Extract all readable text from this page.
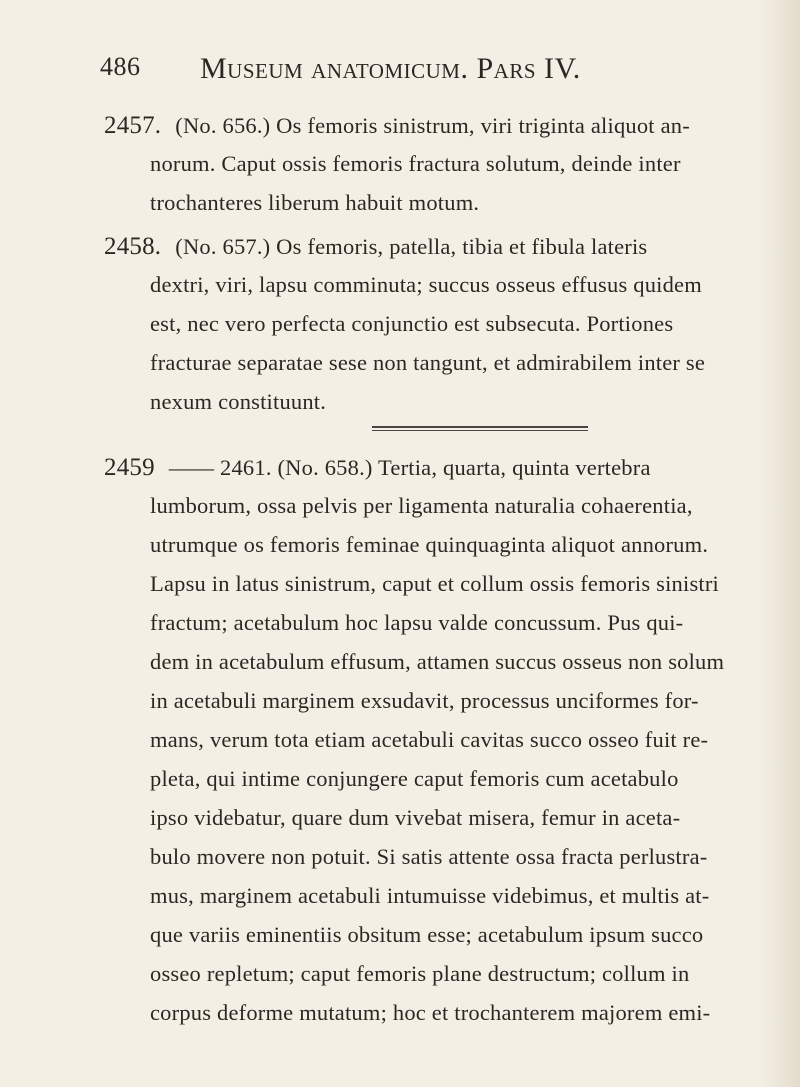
486 Museum anatomicum. Pars IV.
2457. (No. 656.) Os femoris sinistrum, viri triginta aliquot an-
norum. Caput ossis femoris fractura solutum, deinde inter
trochanteres liberum habuit motum.
2458. (No. 657.) Os femoris, patella, tibia et fibula lateris
dextri, viri, lapsu comminuta; succus osseus effusus quidem
est, nec vero perfecta conjunctio est subsecuta. Portiones
fracturae separatae sese non tangunt, et admirabilem inter se
nexum constituunt.
2459 —— 2461. (No. 658.) Tertia, quarta, quinta vertebra
lumborum, ossa pelvis per ligamenta naturalia cohaerentia,
utrumque os femoris feminae quinquaginta aliquot annorum.
Lapsu in latus sinistrum, caput et collum ossis femoris sinistri
fractum; acetabulum hoc lapsu valde concussum. Pus qui-
dem in acetabulum effusum, attamen succus osseus non solum
in acetabuli marginem exsudavit, processus unciformes for-
mans, verum tota etiam acetabuli cavitas succo osseo fuit re-
pleta, qui intime conjungere caput femoris cum acetabulo
ipso videbatur, quare dum vivebat misera, femur in aceta-
bulo movere non potuit. Si satis attente ossa fracta perlustra-
mus, marginem acetabuli intumuisse videbimus, et multis at-
que variis eminentiis obsitum esse; acetabulum ipsum succo
osseo repletum; caput femoris plane destructum; collum in
corpus deforme mutatum; hoc et trochanterem majorem emi-
